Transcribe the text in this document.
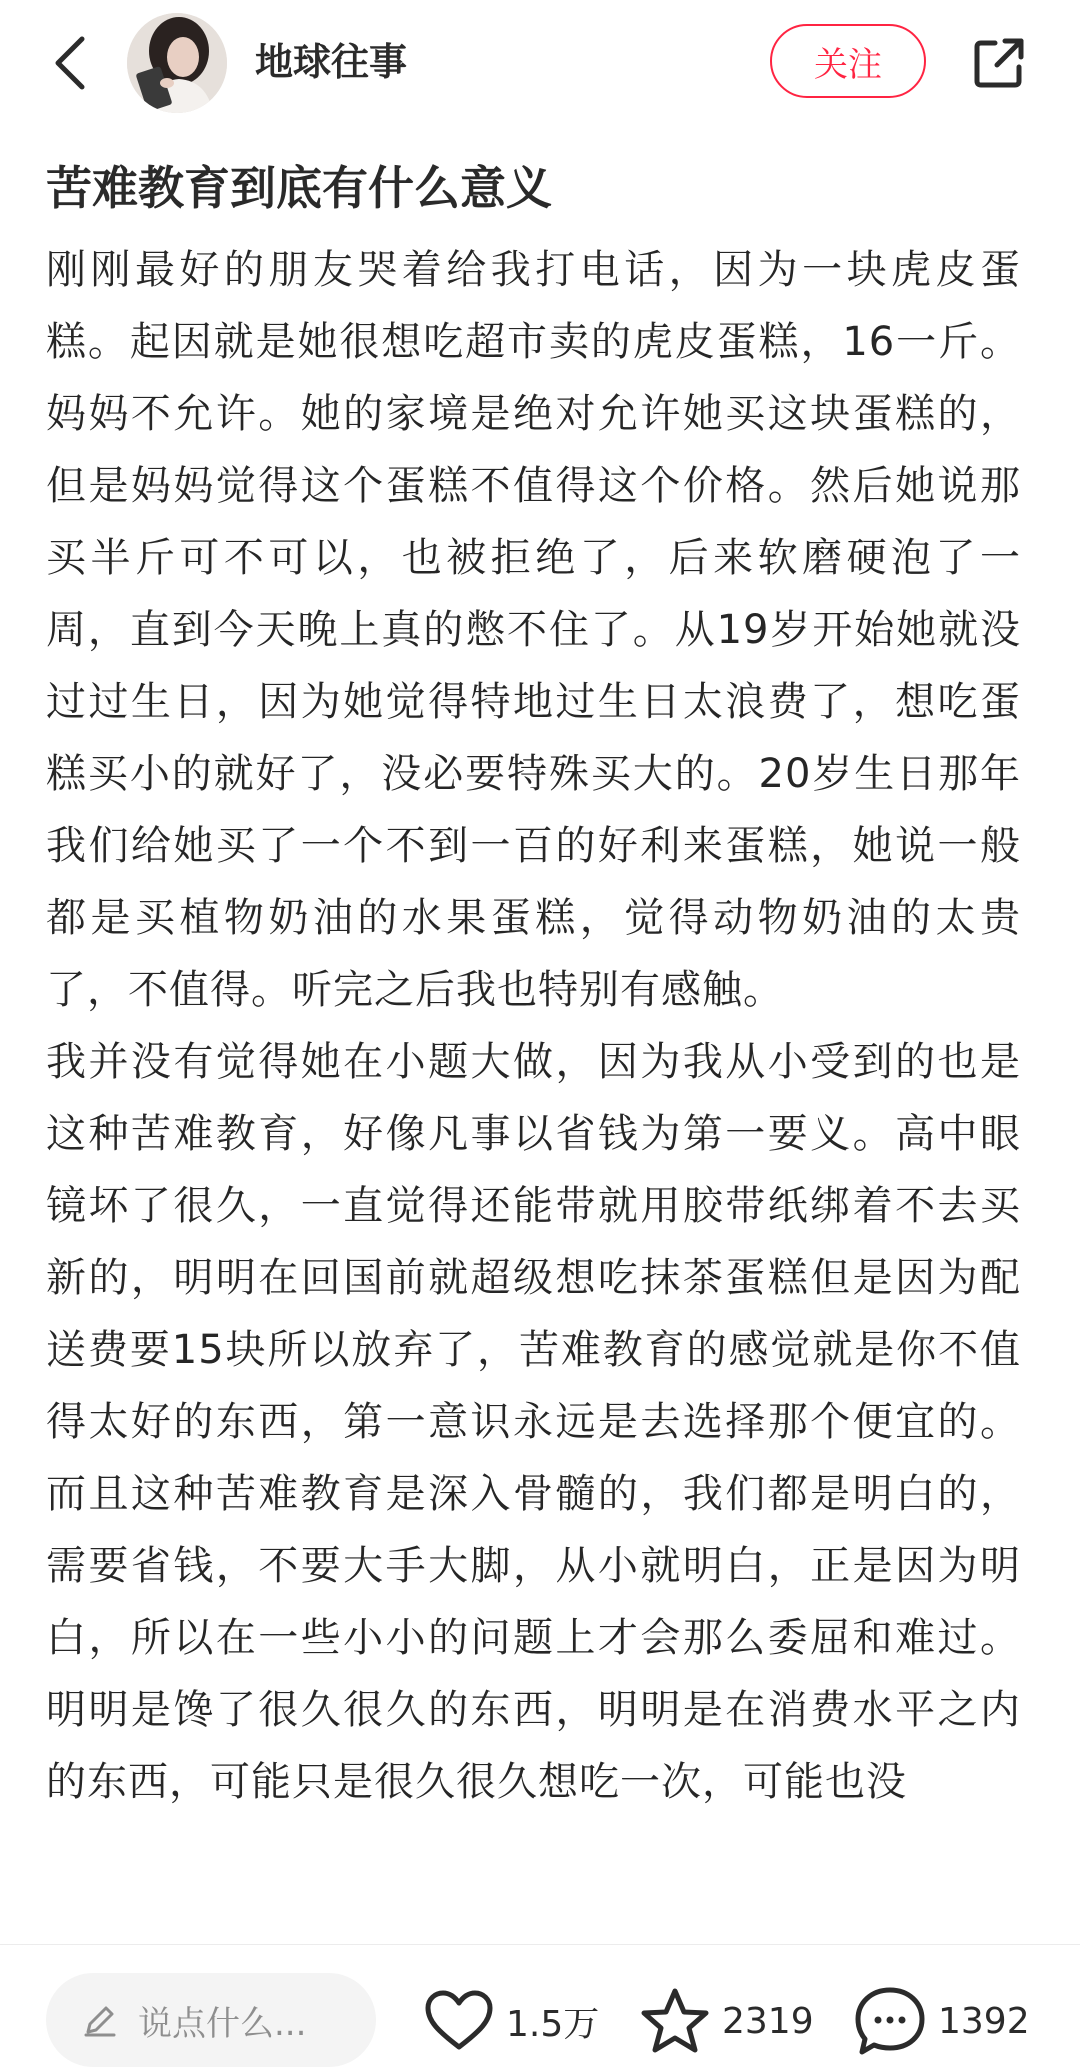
地球往事	关注
苦难教育到底有什么意义

刚刚最好的朋友哭着给我打电话，因为一块虎皮蛋糕。起因就是她很想吃超市卖的虎皮蛋糕，16一斤。妈妈不允许。她的家境是绝对允许她买这块蛋糕的，但是妈妈觉得这个蛋糕不值得这个价格。然后她说那买半斤可不可以，也被拒绝了，后来软磨硬泡了一周，直到今天晚上真的憋不住了。从19岁开始她就没过过生日，因为她觉得特地过生日太浪费了，想吃蛋糕买小的就好了，没必要特殊买大的。20岁生日那年我们给她买了一个不到一百的好利来蛋糕，她说一般都是买植物奶油的水果蛋糕，觉得动物奶油的太贵了，不值得。听完之后我也特别有感触。

我并没有觉得她在小题大做，因为我从小受到的也是这种苦难教育，好像凡事以省钱为第一要义。高中眼镜坏了很久，一直觉得还能带就用胶带纸绑着不去买新的，明明在回国前就超级想吃抹茶蛋糕但是因为配送费要15块所以放弃了，苦难教育的感觉就是你不值得太好的东西，第一意识永远是去选择那个便宜的。而且这种苦难教育是深入骨髓的，我们都是明白的，需要省钱，不要大手大脚，从小就明白，正是因为明白，所以在一些小小的问题上才会那么委屈和难过。明明是馋了很久很久的东西，明明是在消费水平之内的东西，可能只是很久很久想吃一次，可能也没

说点什么...	1.5万	2319	1392
